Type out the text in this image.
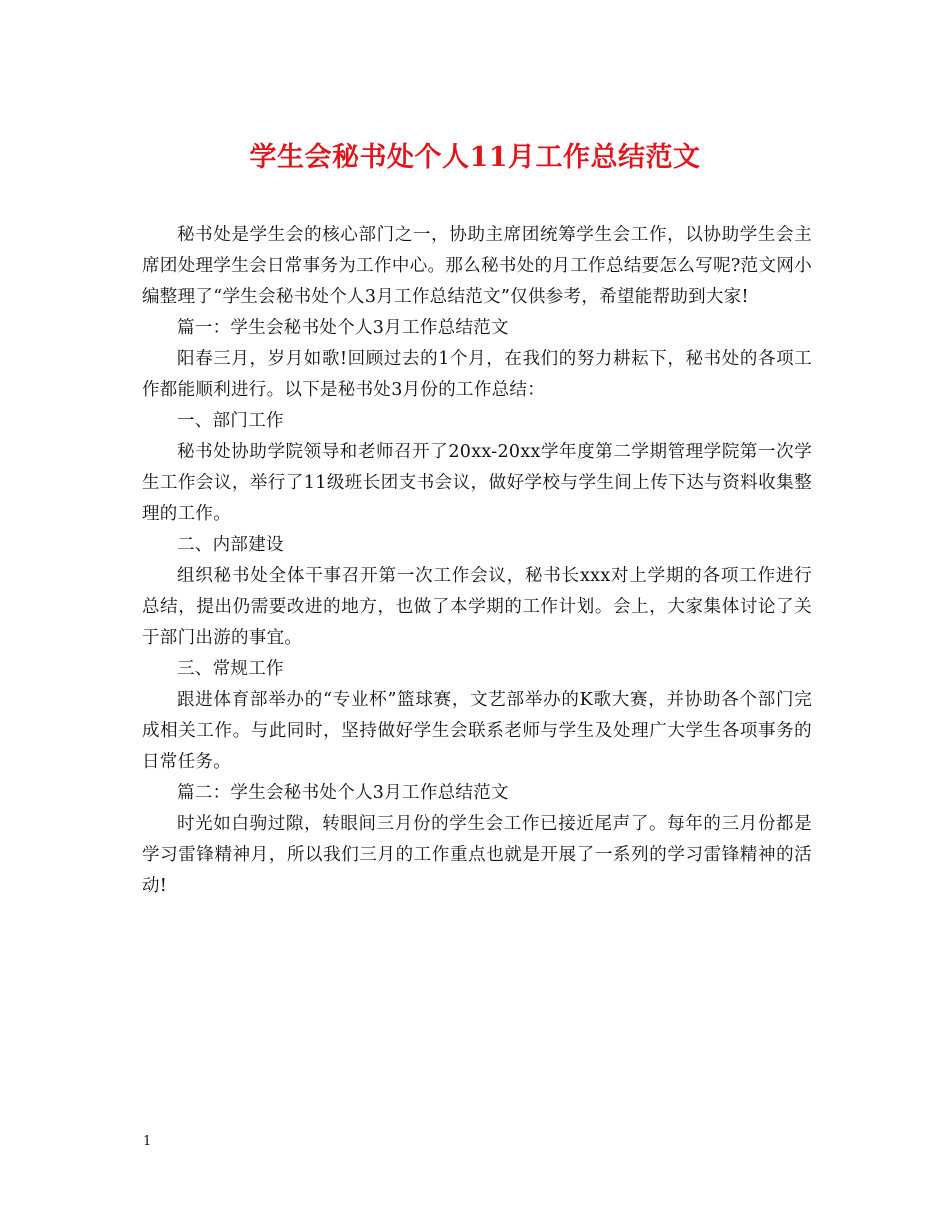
学生会秘书处个人11月工作总结范文

秘书处是学生会的核心部门之一，协助主席团统筹学生会工作，以协助学生会主席团处理学生会日常事务为工作中心。那么秘书处的月工作总结要怎么写呢?范文网小编整理了“学生会秘书处个人3月工作总结范文”仅供参考，希望能帮助到大家!

篇一：学生会秘书处个人3月工作总结范文

阳春三月，岁月如歌!回顾过去的1个月，在我们的努力耕耘下，秘书处的各项工作都能顺利进行。以下是秘书处3月份的工作总结：

一、部门工作

秘书处协助学院领导和老师召开了20xx-20xx学年度第二学期管理学院第一次学生工作会议，举行了11级班长团支书会议，做好学校与学生间上传下达与资料收集整理的工作。

二、内部建设

组织秘书处全体干事召开第一次工作会议，秘书长xxx对上学期的各项工作进行总结，提出仍需要改进的地方，也做了本学期的工作计划。会上，大家集体讨论了关于部门出游的事宜。

三、常规工作

跟进体育部举办的“专业杯”篮球赛，文艺部举办的K歌大赛，并协助各个部门完成相关工作。与此同时，坚持做好学生会联系老师与学生及处理广大学生各项事务的日常任务。

篇二：学生会秘书处个人3月工作总结范文

时光如白驹过隙，转眼间三月份的学生会工作已接近尾声了。每年的三月份都是学习雷锋精神月，所以我们三月的工作重点也就是开展了一系列的学习雷锋精神的活动!

1
